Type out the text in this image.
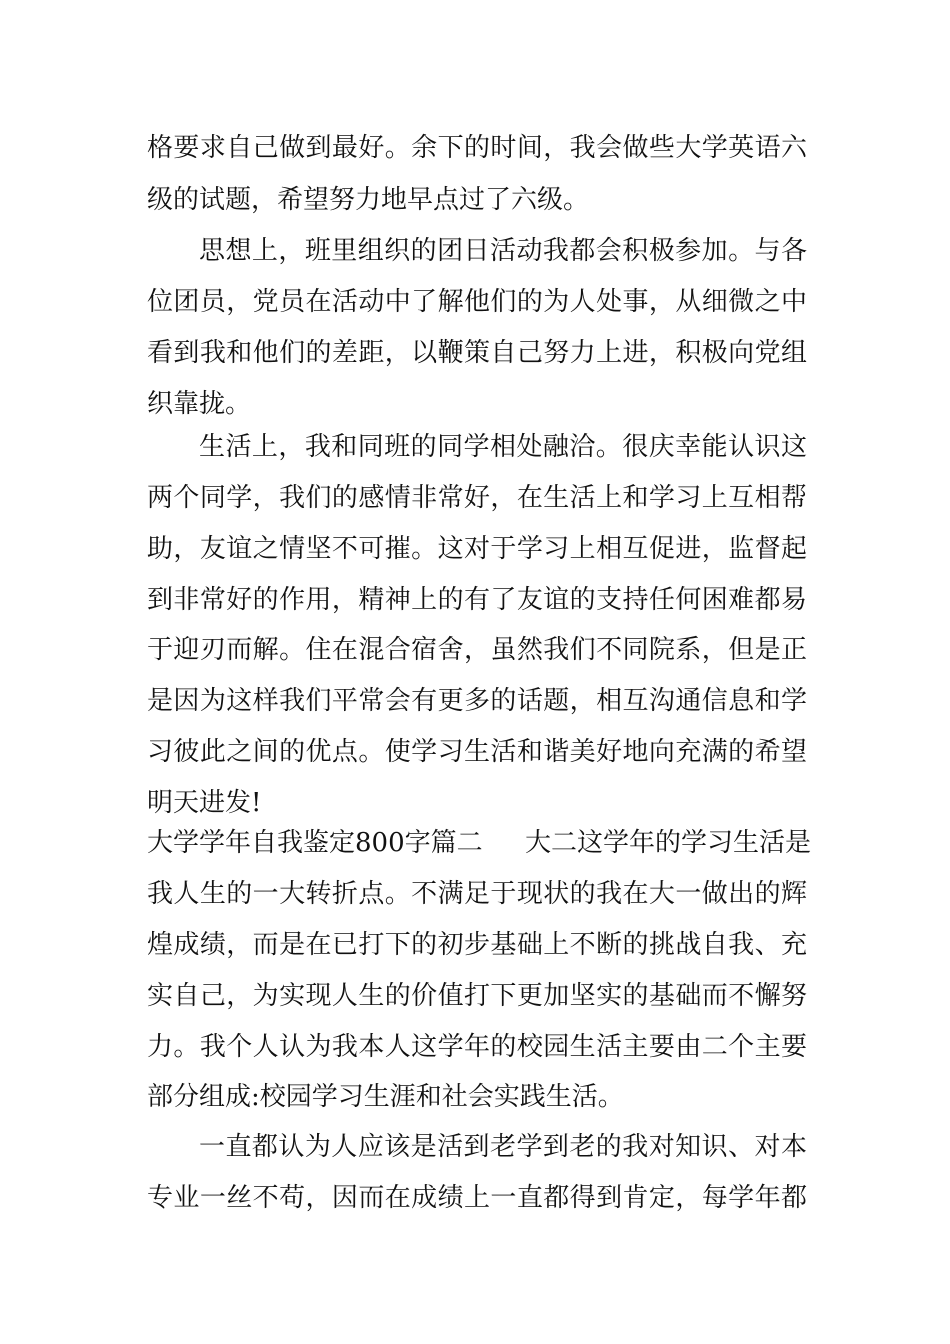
格要求自己做到最好。余下的时间，我会做些大学英语六

级的试题，希望努力地早点过了六级。

思想上，班里组织的团日活动我都会积极参加。与各

位团员，党员在活动中了解他们的为人处事，从细微之中

看到我和他们的差距，以鞭策自己努力上进，积极向党组

织靠拢。

生活上，我和同班的同学相处融洽。很庆幸能认识这

两个同学，我们的感情非常好，在生活上和学习上互相帮

助，友谊之情坚不可摧。这对于学习上相互促进，监督起

到非常好的作用，精神上的有了友谊的支持任何困难都易

于迎刃而解。住在混合宿舍，虽然我们不同院系，但是正

是因为这样我们平常会有更多的话题，相互沟通信息和学

习彼此之间的优点。使学习生活和谐美好地向充满的希望

明天进发!

大学学年自我鉴定800字篇二 大二这学年的学习生活是

我人生的一大转折点。不满足于现状的我在大一做出的辉

煌成绩，而是在已打下的初步基础上不断的挑战自我、充

实自己，为实现人生的价值打下更加坚实的基础而不懈努

力。我个人认为我本人这学年的校园生活主要由二个主要

部分组成:校园学习生涯和社会实践生活。

一直都认为人应该是活到老学到老的我对知识、对本

专业一丝不苟，因而在成绩上一直都得到肯定，每学年都
